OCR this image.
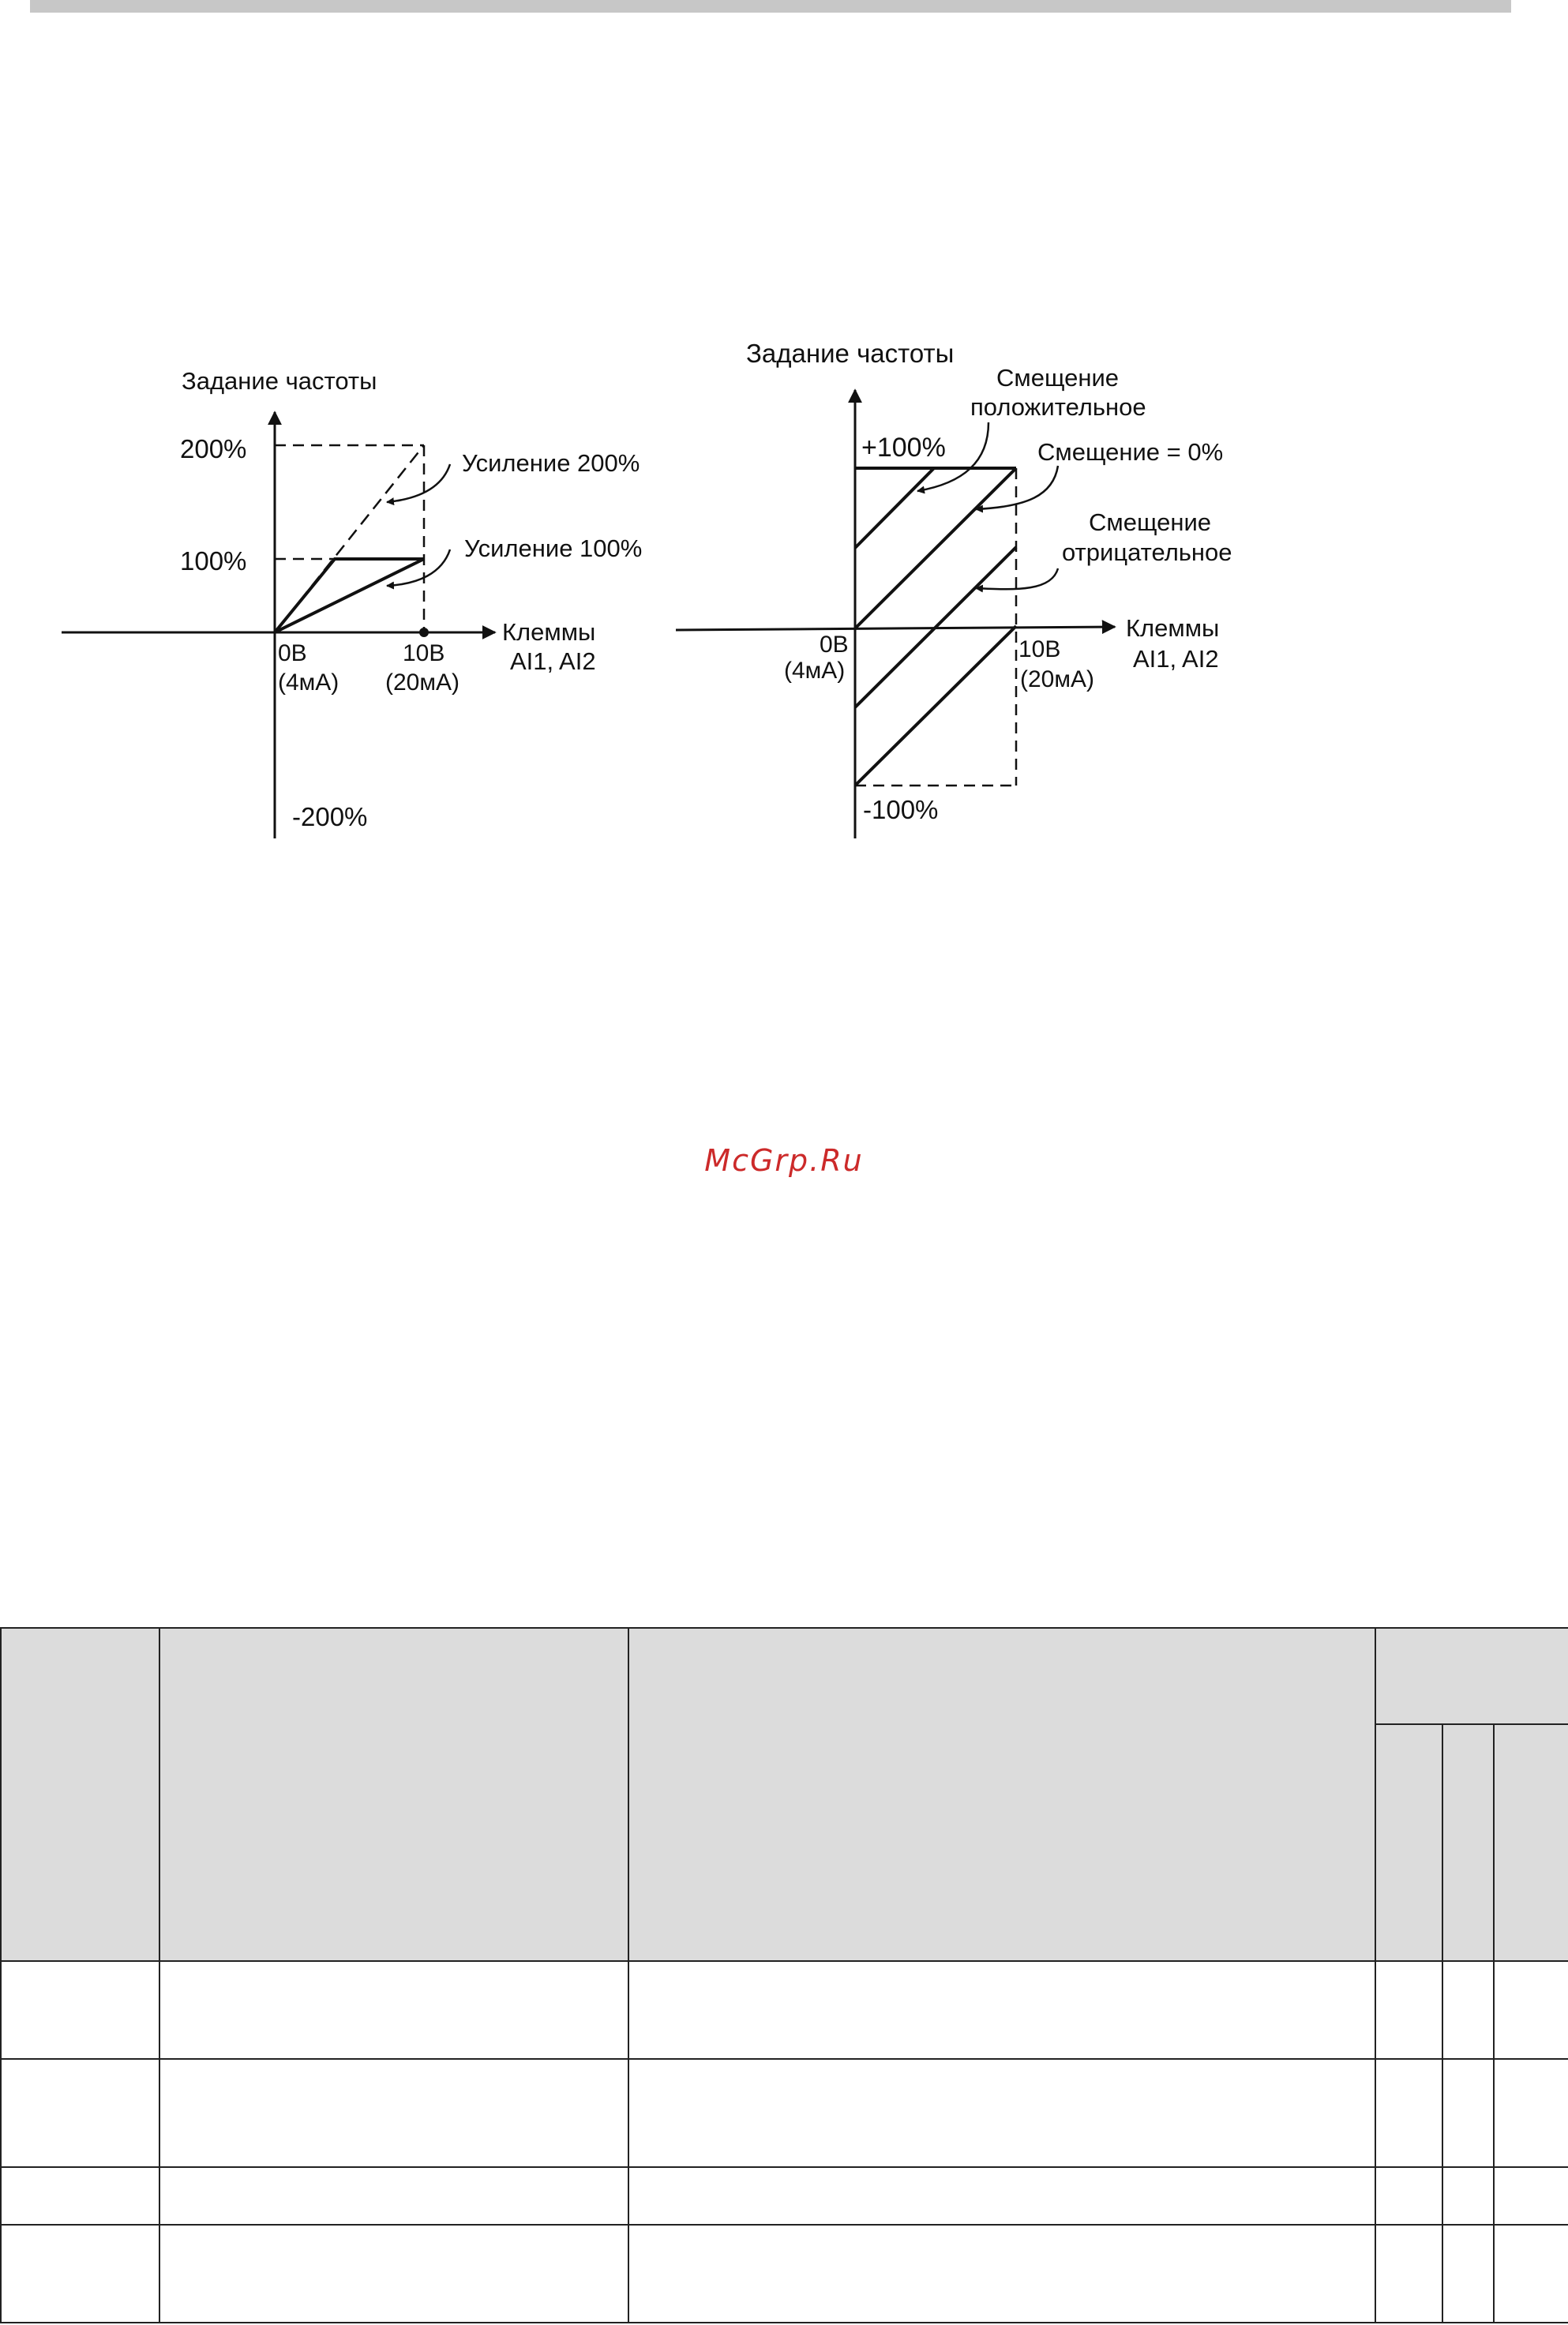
Задание частоты
200%
100%
-200%
0В
(4мА)
10В
(20мА)
Клеммы
AI1, AI2
Усиление 200%
Усиление 100%
Задание частоты
+100%
-100%
0В
(4мА)
10В
(20мА)
Клеммы
AI1, AI2
Смещение
положительное
Смещение = 0%
Смещение
отрицательное
McGrp.Ru
